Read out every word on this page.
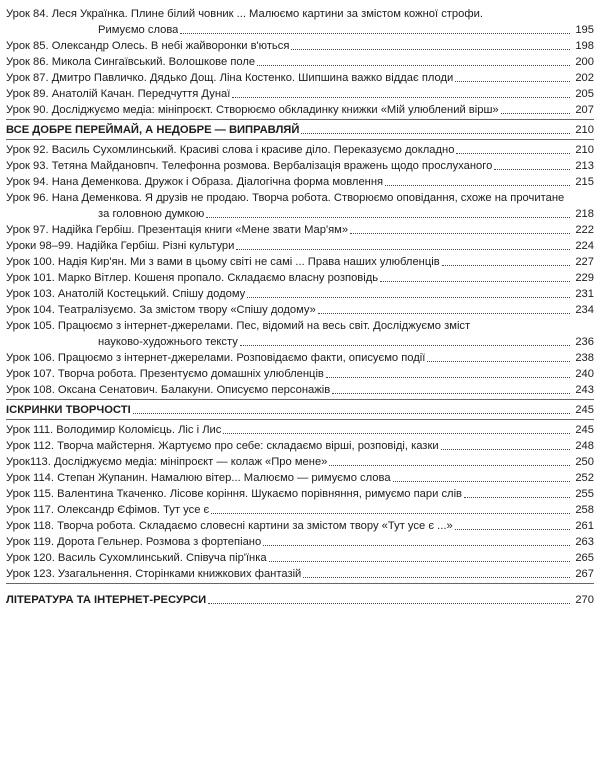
Урок 84. Леся Українка. Плине білий човник ... Малюємо картини за змістом кожної строфи.
Римуємо слова	195
Урок 85. Олександр Олесь. В небі жайворонки в'ються	198
Урок 86. Микола Сингаївський. Волошкове поле	200
Урок 87. Дмитро Павличко. Дядько Дощ. Ліна Костенко. Шипшина важко віддає плоди	202
Урок 89. Анатолій Качан. Передчуття Дунаї	205
Урок 90. Досліджуємо медіа: мініпроєкт. Створюємо обкладинку книжки «Мій улюблений вірш»	207
ВСЕ ДОБРЕ ПЕРЕЙМАЙ, А НЕДОБРЕ — ВИПРАВЛЯЙ	210
Урок 92. Василь Сухомлинський. Красиві слова і красиве діло. Переказуємо докладно	210
Урок 93. Тетяна Майдановпч. Телефонна розмова. Вербалізація вражень щодо прослуханого	213
Урок 94. Нана Деменкова. Дружок і Образа. Діалогічна форма мовлення	215
Урок 96. Нана Деменкова. Я друзів не продаю. Творча робота. Створюємо оповідання, схоже на прочитане
за головною думкою	218
Урок 97. Надійка Гербіш. Презентація книги «Мене звати Мар'ям»	222
Уроки 98–99. Надійка Гербіш. Різні культури	224
Урок 100. Надія Кир'ян. Ми з вами в цьому світі не самі ... Права наших улюбленців	227
Урок 101. Марко Вітлер. Кошеня пропало. Складаємо власну розповідь	229
Урок 103. Анатолій Костецький. Спішу додому	231
Урок 104. Театралізуємо. За змістом твору «Спішу додому»	234
Урок 105. Працюємо з інтернет-джерелами. Пес, відомий на весь світ. Досліджуємо зміст
науково-художнього тексту	236
Урок 106. Працюємо з інтернет-джерелами. Розповідаємо факти, описуємо події	238
Урок 107. Творча робота. Презентуємо домашніх улюбленців	240
Урок 108. Оксана Сенатович. Балакуни. Описуємо персонажів	243
ІСКРИНКИ ТВОРЧОСТІ	245
Урок 111. Володимир Коломієць. Ліс і Лис	245
Урок 112. Творча майстерня. Жартуємо про себе: складаємо вірші, розповіді, казки	248
Урок113. Досліджуємо медіа: мініпроєкт — колаж «Про мене»	250
Урок 114. Степан Жупанин. Намалюю вітер... Малюємо — римуємо слова	252
Урок 115. Валентина Ткаченко. Лісове коріння. Шукаємо порівняння, римуємо пари слів	255
Урок 117. Олександр Єфімов. Тут усе є	258
Урок 118. Творча робота. Складаємо словесні картини за змістом твору «Тут усе є ...»	261
Урок 119. Дорота Гельнер. Розмова з фортепіано	263
Урок 120. Василь Сухомлинський. Співуча пір'їнка	265
Урок 123. Узагальнення. Сторінками книжкових фантазій	267
ЛІТЕРАТУРА ТА ІНТЕРНЕТ-РЕСУРСИ	270
